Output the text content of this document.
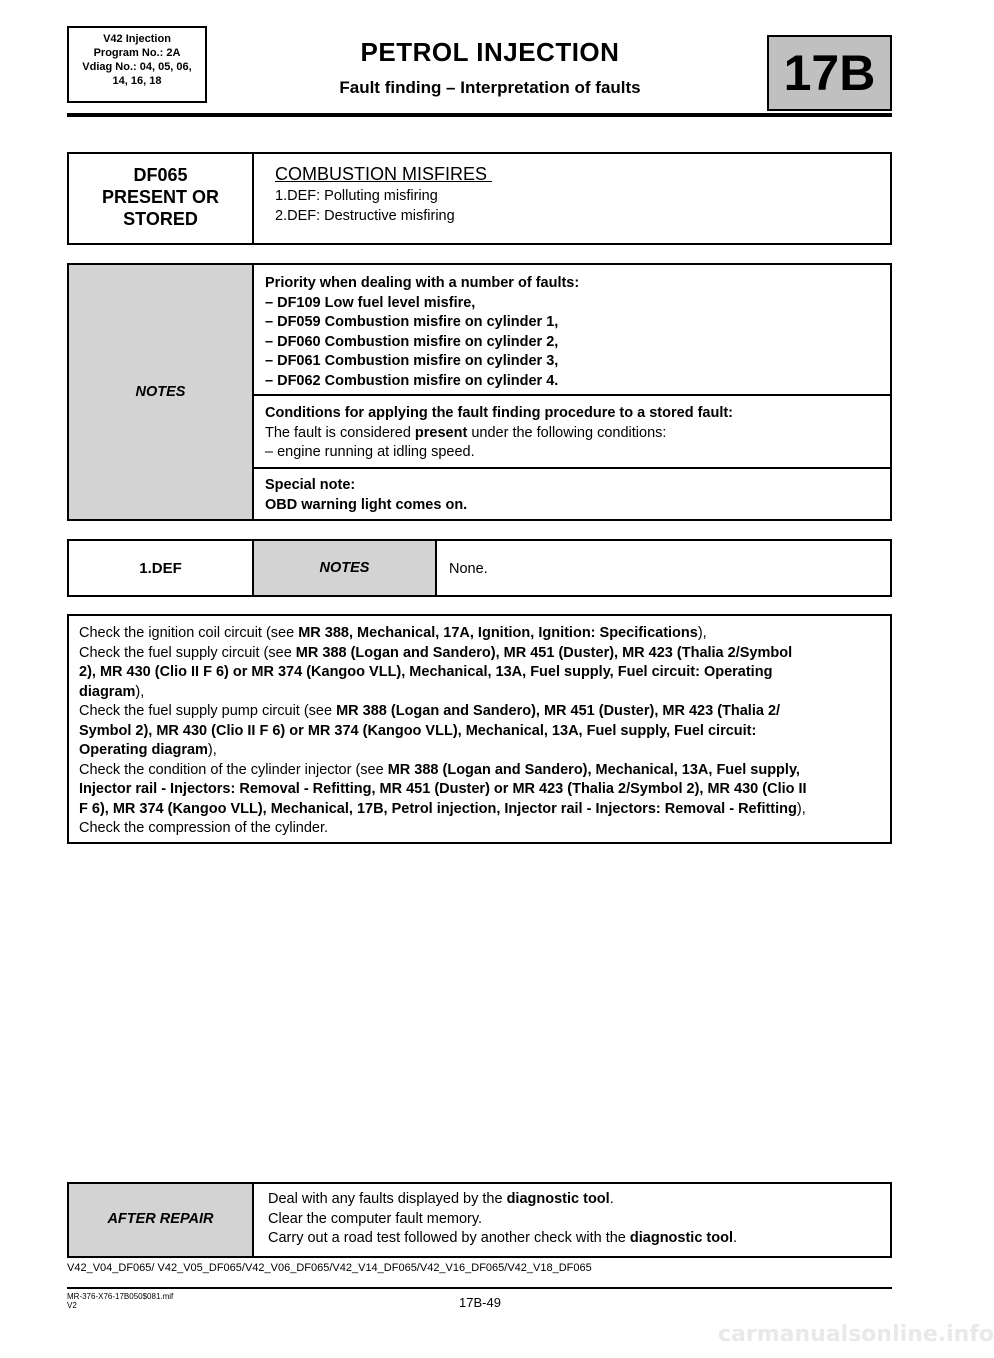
V42 Injection
Program No.: 2A
Vdiag No.: 04, 05, 06,
14, 16, 18
PETROL INJECTION
Fault finding – Interpretation of faults	17B
DF065
PRESENT OR
STORED
COMBUSTION MISFIRES
1.DEF: Polluting misfiring
2.DEF: Destructive misfiring
NOTES
Priority when dealing with a number of faults:
– DF109 Low fuel level misfire,
– DF059 Combustion misfire on cylinder 1,
– DF060 Combustion misfire on cylinder 2,
– DF061 Combustion misfire on cylinder 3,
– DF062 Combustion misfire on cylinder 4.
Conditions for applying the fault finding procedure to a stored fault:
The fault is considered present under the following conditions:
– engine running at idling speed.
Special note:
OBD warning light comes on.
1.DEF	NOTES	None.
Check the ignition coil circuit (see MR 388, Mechanical, 17A, Ignition, Ignition: Specifications),
Check the fuel supply circuit (see MR 388 (Logan and Sandero), MR 451 (Duster), MR 423 (Thalia 2/Symbol
2), MR 430 (Clio II F 6) or MR 374 (Kangoo VLL), Mechanical, 13A, Fuel supply, Fuel circuit: Operating
diagram),
Check the fuel supply pump circuit (see MR 388 (Logan and Sandero), MR 451 (Duster), MR 423 (Thalia 2/
Symbol 2), MR 430 (Clio II F 6) or MR 374 (Kangoo VLL), Mechanical, 13A, Fuel supply, Fuel circuit:
Operating diagram),
Check the condition of the cylinder injector (see MR 388 (Logan and Sandero), Mechanical, 13A, Fuel supply,
Injector rail - Injectors: Removal - Refitting, MR 451 (Duster) or MR 423 (Thalia 2/Symbol 2), MR 430 (Clio II
F 6), MR 374 (Kangoo VLL), Mechanical, 17B, Petrol injection, Injector rail - Injectors: Removal - Refitting),
Check the compression of the cylinder.
AFTER REPAIR
Deal with any faults displayed by the diagnostic tool.
Clear the computer fault memory.
Carry out a road test followed by another check with the diagnostic tool.
V42_V04_DF065/ V42_V05_DF065/V42_V06_DF065/V42_V14_DF065/V42_V16_DF065/V42_V18_DF065
MR-376-X76-17B050$081.mif
V2	17B-49
carmanualsonline.info
